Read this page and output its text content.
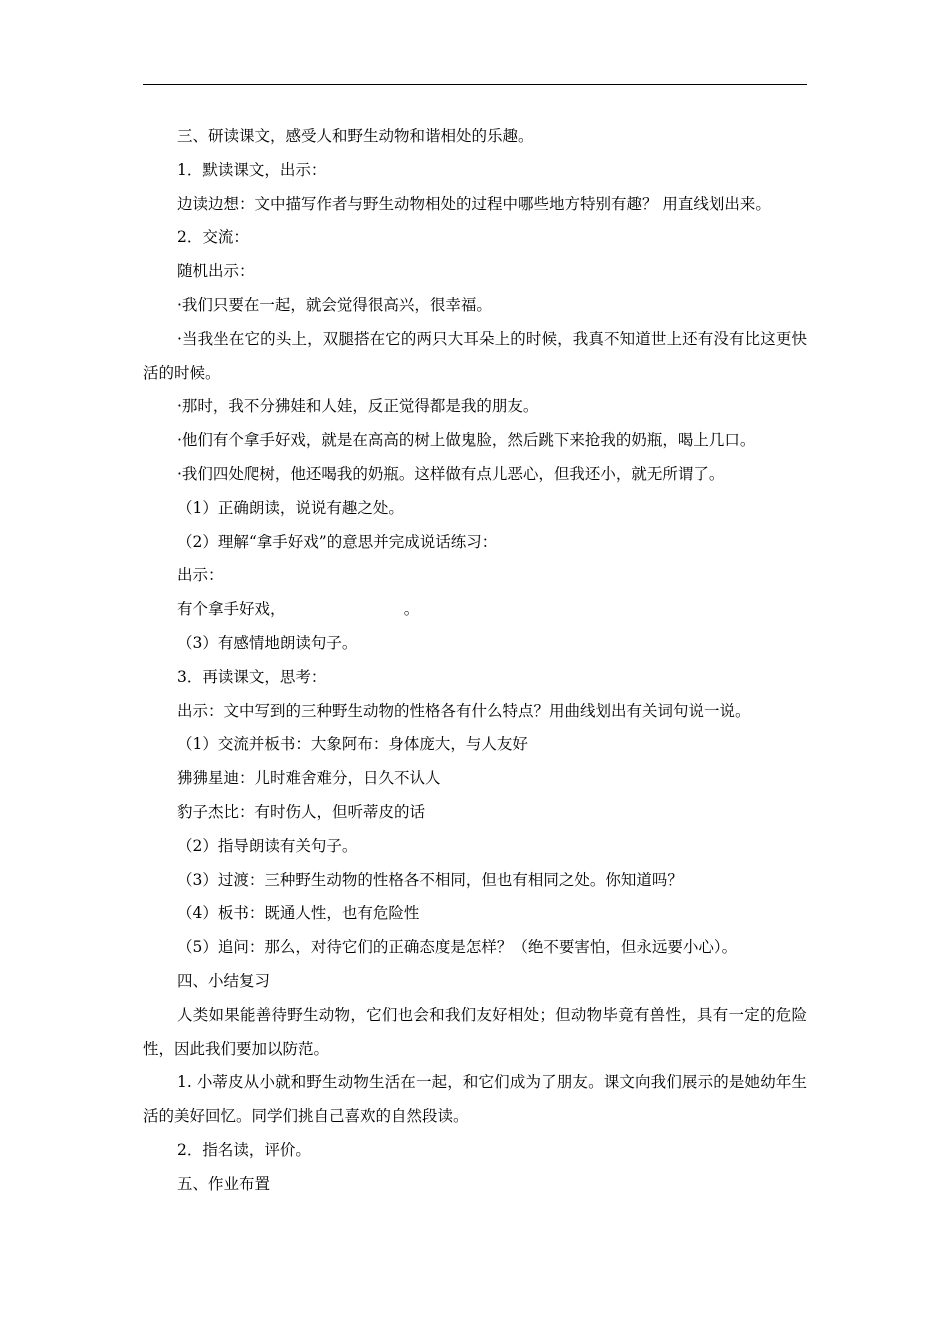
三、研读课文，感受人和野生动物和谐相处的乐趣。

1．默读课文，出示：

边读边想：文中描写作者与野生动物相处的过程中哪些地方特别有趣？ 用直线划出来。

2．交流：

随机出示：

·我们只要在一起，就会觉得很高兴，很幸福。

·当我坐在它的头上，双腿搭在它的两只大耳朵上的时候，我真不知道世上还有没有比这更快活的时候。

·那时，我不分狒娃和人娃，反正觉得都是我的朋友。

·他们有个拿手好戏，就是在高高的树上做鬼脸，然后跳下来抢我的奶瓶，喝上几口。

·我们四处爬树，他还喝我的奶瓶。这样做有点儿恶心，但我还小，就无所谓了。

（1）正确朗读，说说有趣之处。

（2）理解“拿手好戏”的意思并完成说话练习：

出示：

有个拿手好戏，                        。

（3）有感情地朗读句子。

3．再读课文，思考：

出示：文中写到的三种野生动物的性格各有什么特点？用曲线划出有关词句说一说。

（1）交流并板书：大象阿布：身体庞大，与人友好

狒狒星迪：儿时难舍难分，日久不认人

豹子杰比：有时伤人，但听蒂皮的话

（2）指导朗读有关句子。

（3）过渡：三种野生动物的性格各不相同，但也有相同之处。你知道吗？

（4）板书：既通人性，也有危险性

（5）追问：那么，对待它们的正确态度是怎样？（绝不要害怕，但永远要小心）。

四、小结复习

人类如果能善待野生动物，它们也会和我们友好相处；但动物毕竟有兽性，具有一定的危险性，因此我们要加以防范。

1. 小蒂皮从小就和野生动物生活在一起，和它们成为了朋友。课文向我们展示的是她幼年生活的美好回忆。同学们挑自己喜欢的自然段读。

2．指名读，评价。

五、作业布置
